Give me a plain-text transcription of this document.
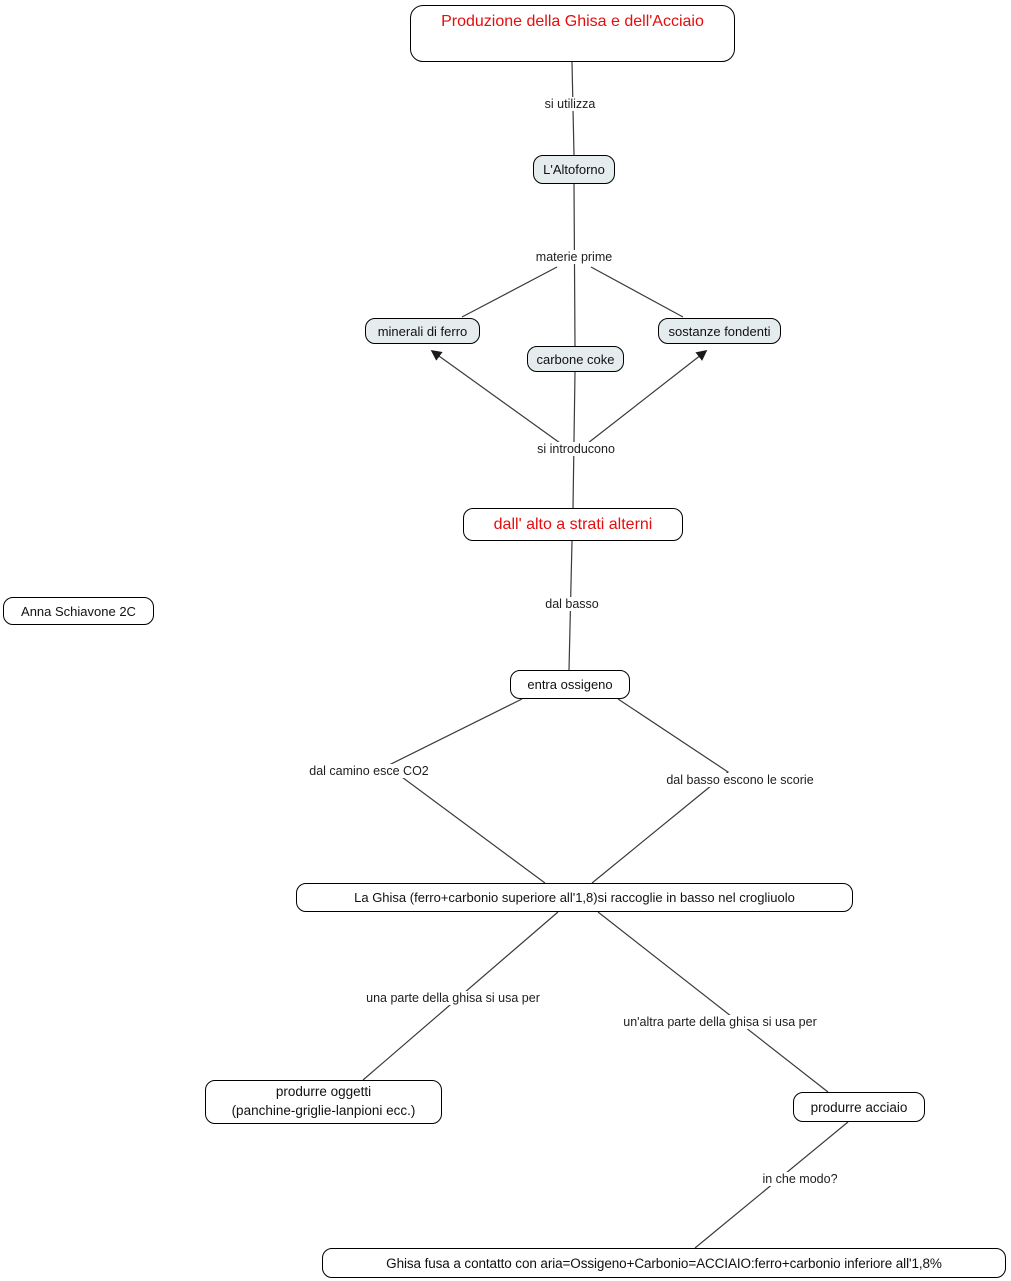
Produzione della Ghisa e dell'Acciaio
L'Altoforno
minerali di ferro
carbone coke
sostanze fondenti
dall' alto a strati alterni
Anna Schiavone 2C
entra ossigeno
La Ghisa (ferro+carbonio superiore all'1,8)si raccoglie in basso nel crogliuolo
produrre oggetti
(panchine-griglie-lanpioni ecc.)	produrre acciaio
Ghisa fusa a contatto con aria=Ossigeno+Carbonio=ACCIAIO:ferro+carbonio inferiore all'1,8%
si utilizza
materie prime
si introducono
dal basso
dal camino esce CO2
dal basso escono le scorie
una parte della ghisa si usa per
un'altra parte della ghisa si usa per
in che modo?
